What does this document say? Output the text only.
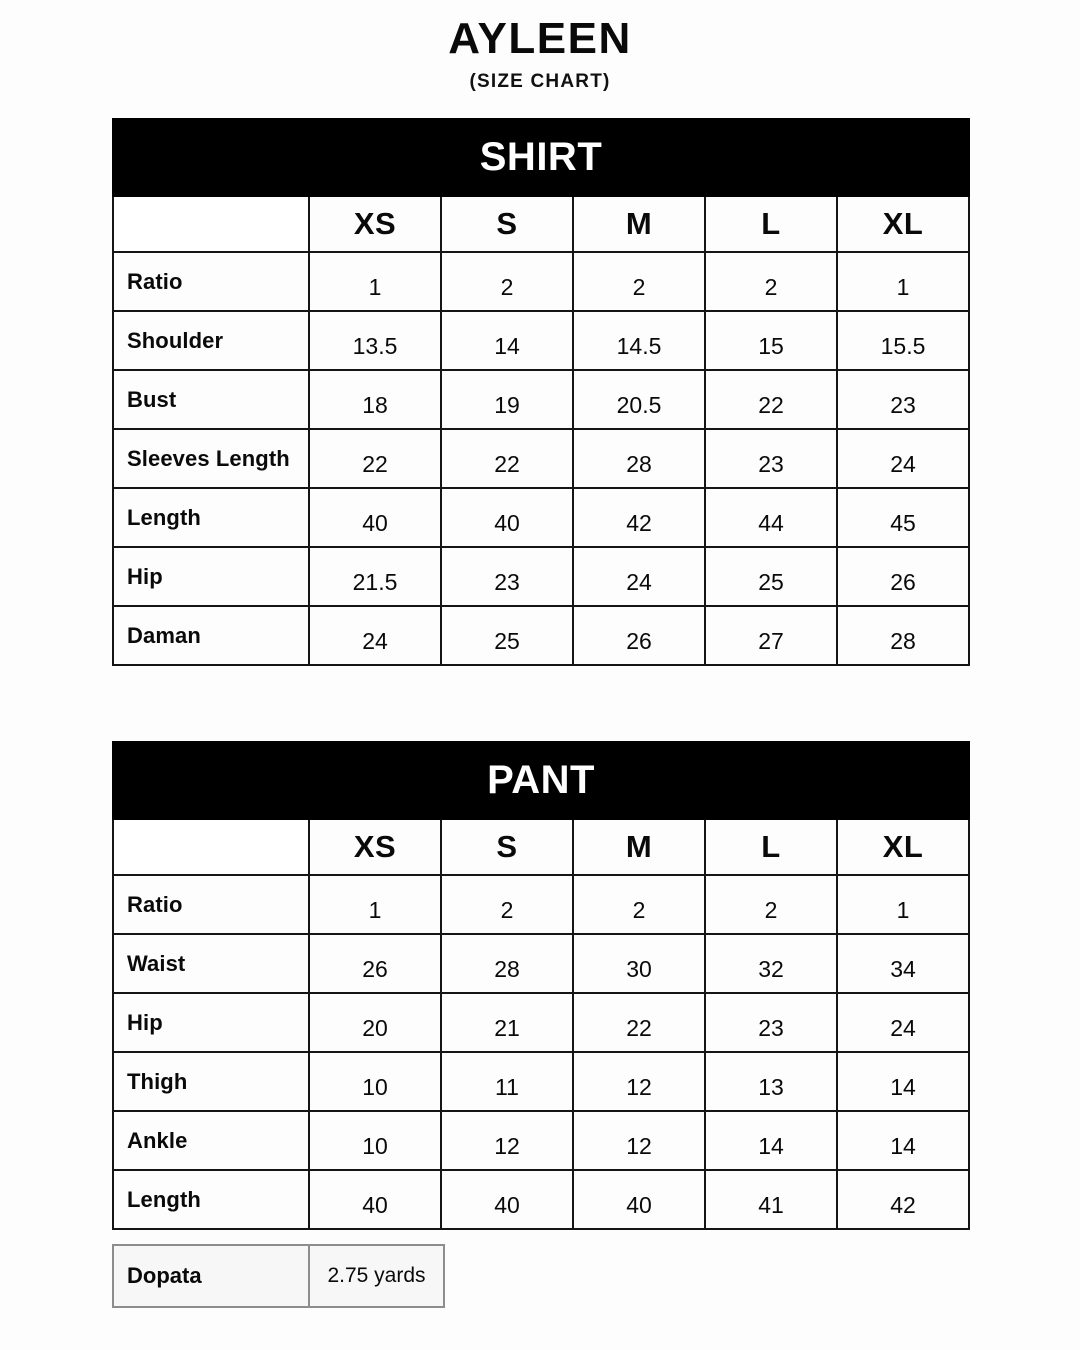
AYLEEN
(SIZE CHART)
SHIRT					
	XS	S	M	L	XL
Ratio	1	2	2	2	1
Shoulder	13.5	14	14.5	15	15.5
Bust	18	19	20.5	22	23
Sleeves Length	22	22	28	23	24
Length	40	40	42	44	45
Hip	21.5	23	24	25	26
Daman	24	25	26	27	28
PANT					
	XS	S	M	L	XL
Ratio	1	2	2	2	1
Waist	26	28	30	32	34
Hip	20	21	22	23	24
Thigh	10	11	12	13	14
Ankle	10	12	12	14	14
Length	40	40	40	41	42
Dopata	2.75 yards
